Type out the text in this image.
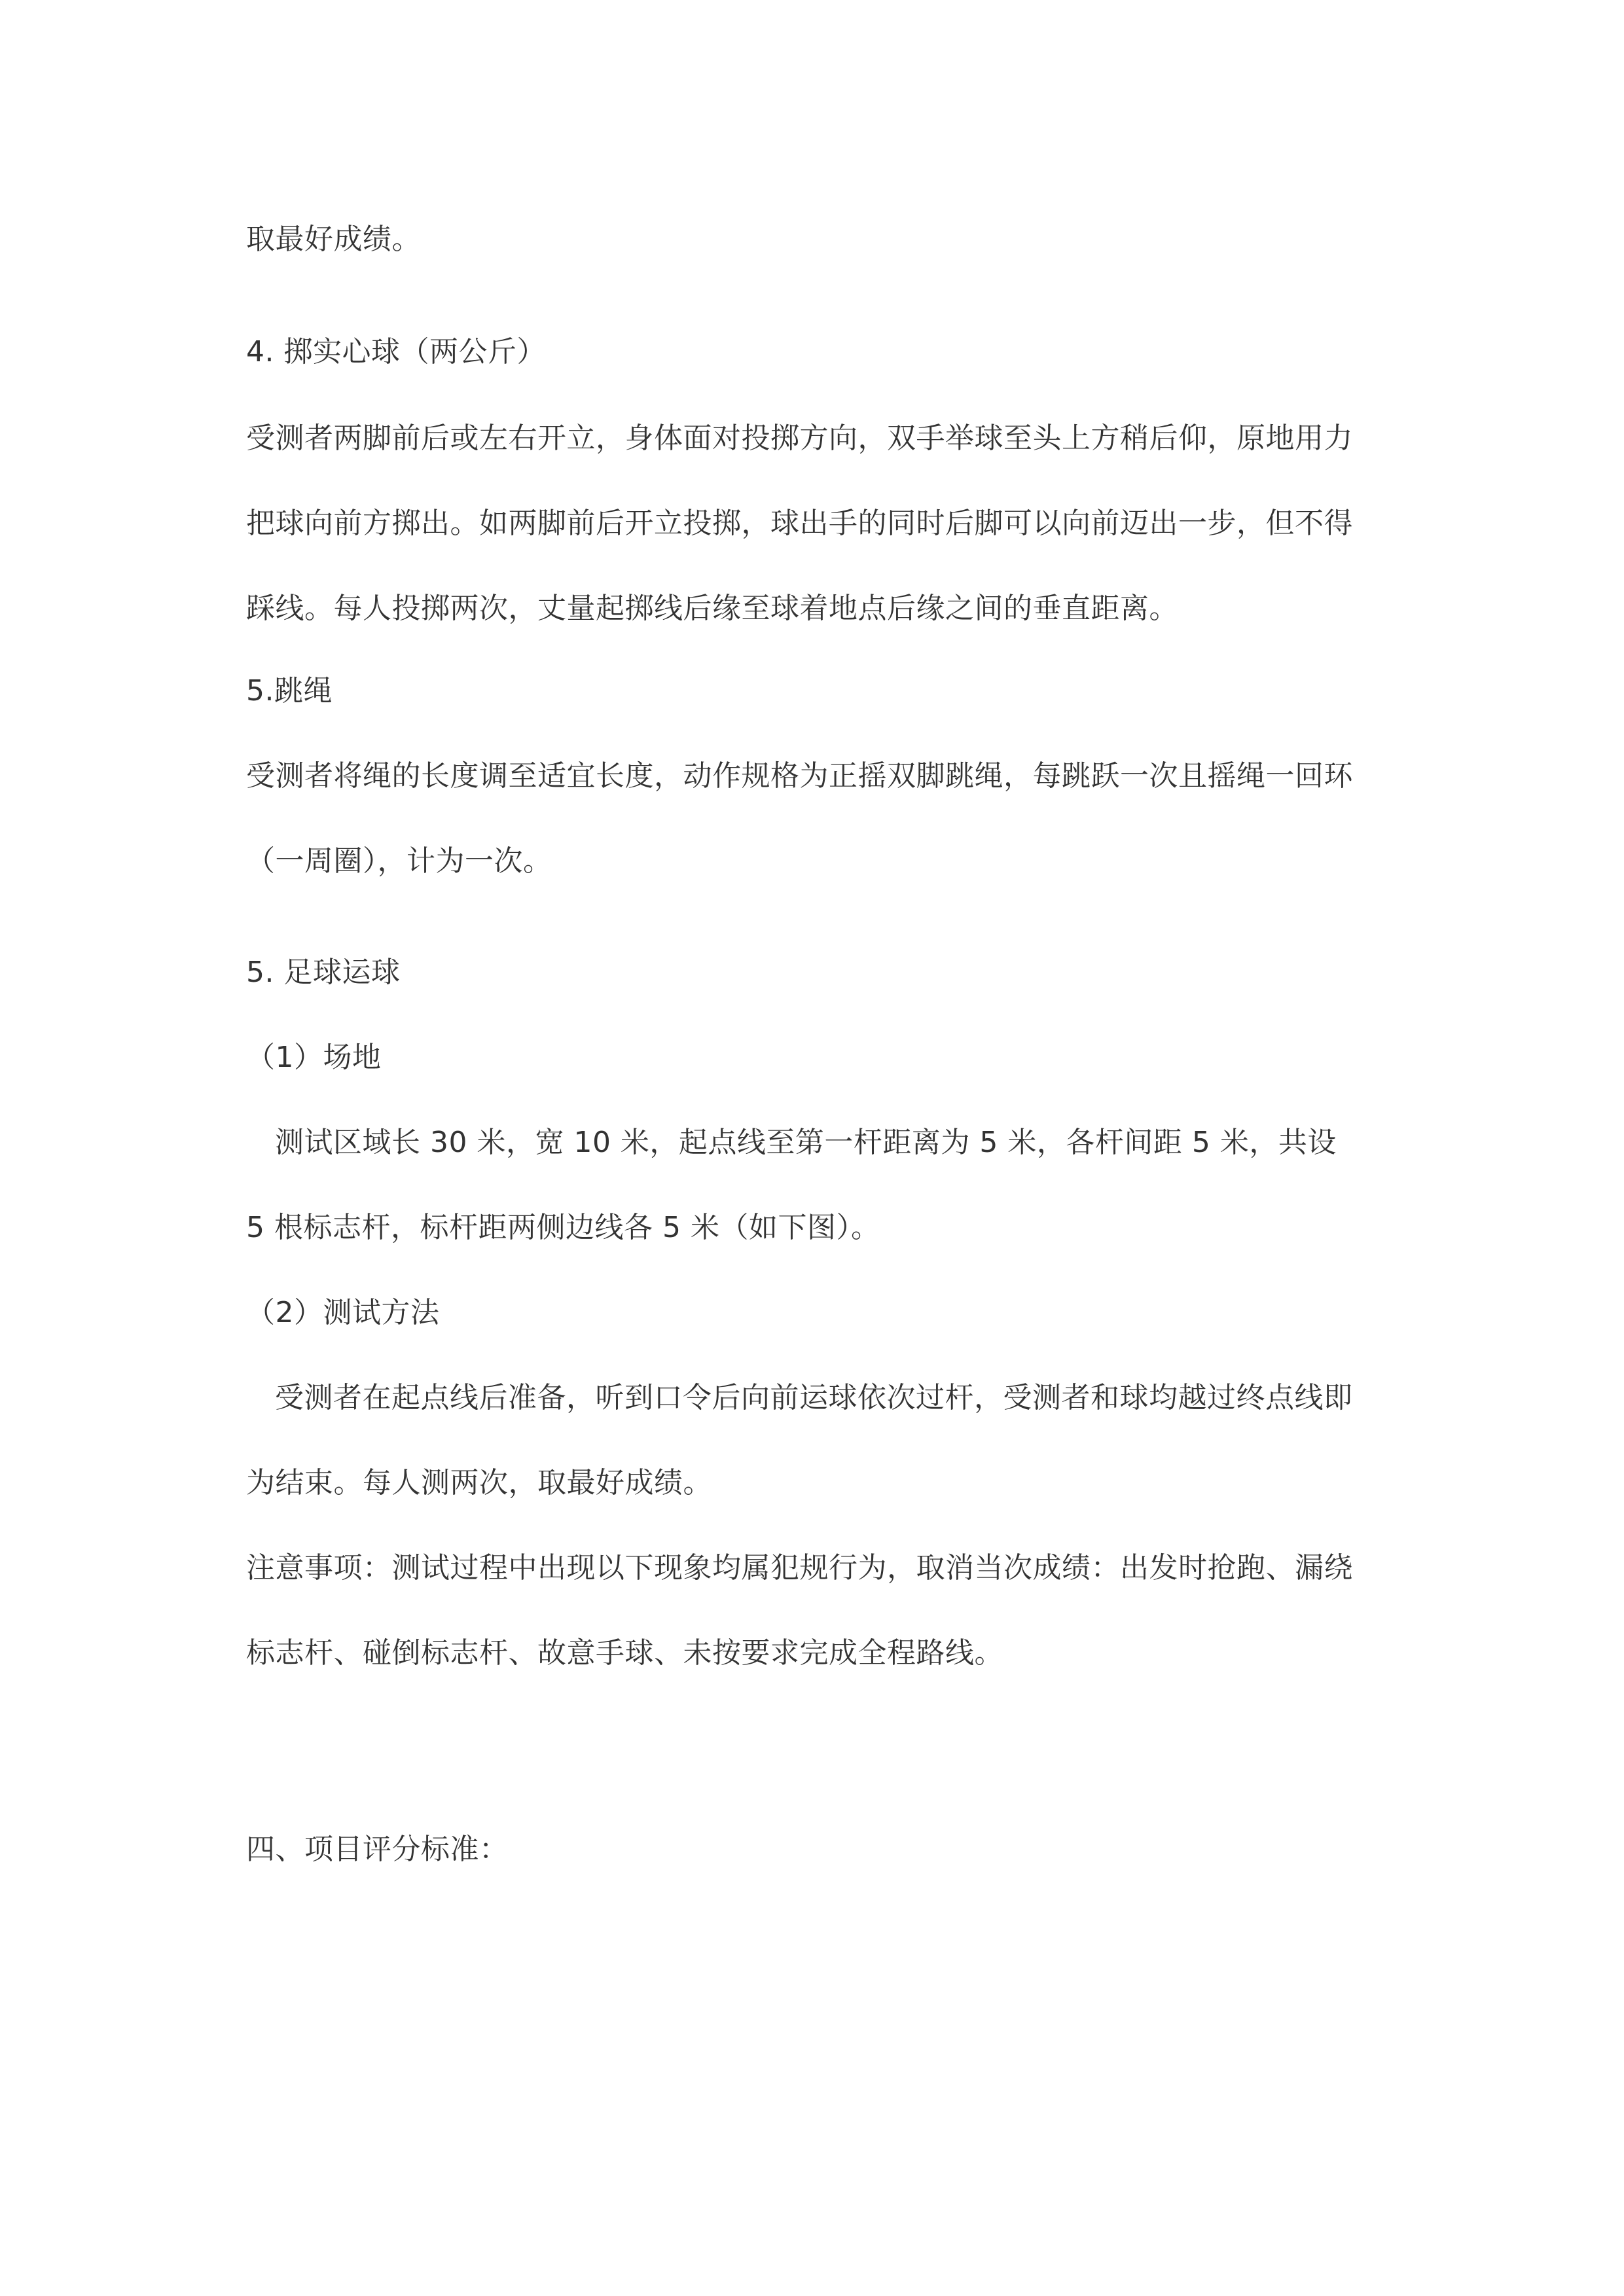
取最好成绩。
4. 掷实心球（两公斤）
受测者两脚前后或左右开立，身体面对投掷方向，双手举球至头上方稍后仰，原地用力
把球向前方掷出。如两脚前后开立投掷，球出手的同时后脚可以向前迈出一步，但不得
踩线。每人投掷两次，丈量起掷线后缘至球着地点后缘之间的垂直距离。
5.跳绳
受测者将绳的长度调至适宜长度，动作规格为正摇双脚跳绳，每跳跃一次且摇绳一回环
（一周圈），计为一次。
5. 足球运球
（1）场地
测试区域长 30 米，宽 10 米，起点线至第一杆距离为 5 米，各杆间距 5 米，共设
5 根标志杆，标杆距两侧边线各 5 米（如下图）。
（2）测试方法
受测者在起点线后准备，听到口令后向前运球依次过杆，受测者和球均越过终点线即
为结束。每人测两次，取最好成绩。
注意事项：测试过程中出现以下现象均属犯规行为，取消当次成绩：出发时抢跑、漏绕
标志杆、碰倒标志杆、故意手球、未按要求完成全程路线。
四、项目评分标准：
